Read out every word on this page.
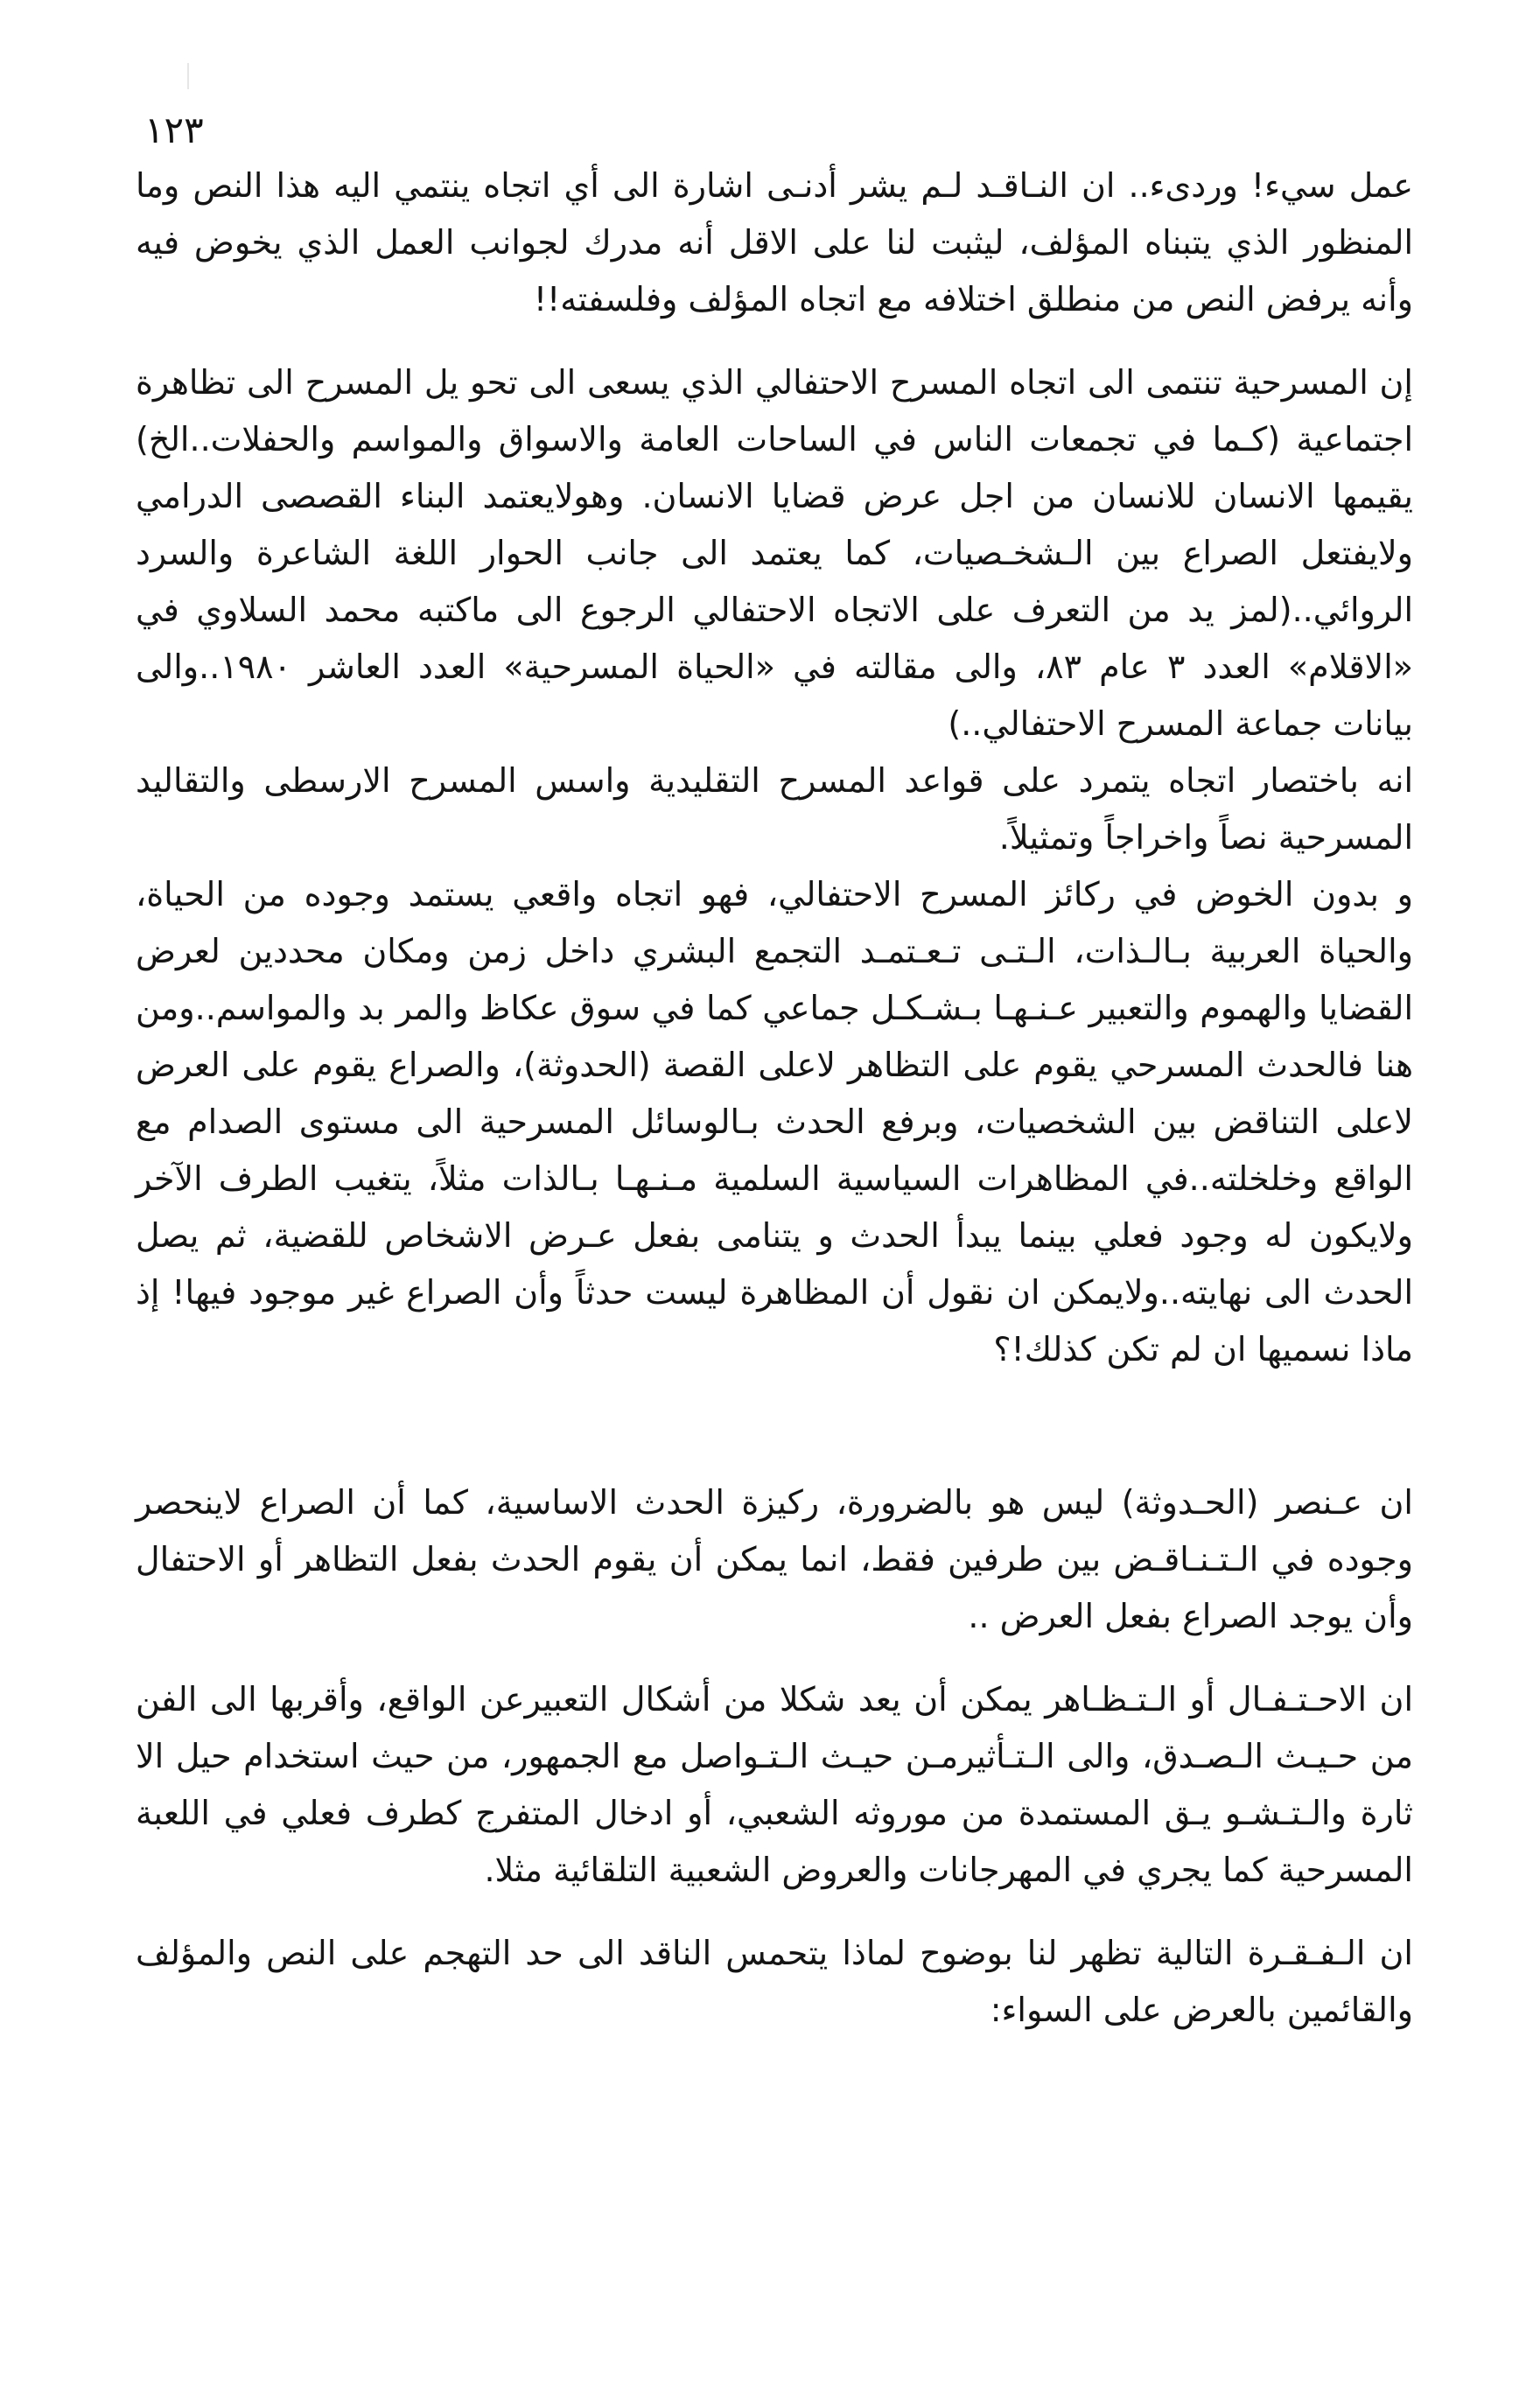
١٢٣

عمل سيء! وردىء.. ان النـاقـد لـم يشر أدنـى اشارة الى أي اتجاه ينتمي اليه هذا النص وما المنظور الذي يتبناه المؤلف، ليثبت لنا على الاقل أنه مدرك لجوانب العمل الذي يخوض فيه وأنه يرفض النص من منطلق اختلافه مع اتجاه المؤلف وفلسفته!!

إن المسرحية تنتمى الى اتجاه المسرح الاحتفالي الذي يسعى الى تحو يل المسرح الى تظاهرة اجتماعية (كـما في تجمعات الناس في الساحات العامة والاسواق والمواسم والحفلات..الخ) يقيمها الانسان للانسان من اجل عرض قضايا الانسان. وهولايعتمد البناء القصصى الدرامي ولايفتعل الصراع بين الـشخـصيات، كما يعتمد الى جانب الحوار اللغة الشاعرة والسرد الروائي..(لمز يد من التعرف على الاتجاه الاحتفالي الرجوع الى ماكتبه محمد السلاوي في «الاقلام» العدد ٣ عام ٨٣، والى مقالته في «الحياة المسرحية» العدد العاشر ١٩٨٠..والى بيانات جماعة المسرح الاحتفالي..)

انه باختصار اتجاه يتمرد على قواعد المسرح التقليدية واسس المسرح الارسطى والتقاليد المسرحية نصاً واخراجاً وتمثيلاً.

و بدون الخوض في ركائز المسرح الاحتفالي، فهو اتجاه واقعي يستمد وجوده من الحياة، والحياة العربية بـالـذات، الـتـى تـعـتمـد التجمع البشري داخل زمن ومكان محددين لعرض القضايا والهموم والتعبير عـنـهـا بـشـكـل جماعي كما في سوق عكاظ والمر بد والمواسم..ومن هنا فالحدث المسرحي يقوم على التظاهر لاعلى القصة (الحدوثة)، والصراع يقوم على العرض لاعلى التناقض بين الشخصيات، وبرفع الحدث بـالوسائل المسرحية الى مستوى الصدام مع الواقع وخلخلته..في المظاهرات السياسية السلمية مـنـهـا بـالذات مثلاً، يتغيب الطرف الآخر ولايكون له وجود فعلي بينما يبدأ الحدث و يتنامى بفعل عـرض الاشخاص للقضية، ثم يصل الحدث الى نهايته..ولايمكن ان نقول أن المظاهرة ليست حدثاً وأن الصراع غير موجود فيها! إذ ماذا نسميها ان لم تكن كذلك!؟

ان عـنصر (الحـدوثة) ليس هو بالضرورة، ركيزة الحدث الاساسية، كما أن الصراع لاينحصر وجوده في الـتـنـاقـض بين طرفين فقط، انما يمكن أن يقوم الحدث بفعل التظاهر أو الاحتفال وأن يوجد الصراع بفعل العرض ..

ان الاحـتـفـال أو الـتـظـاهر يمكن أن يعد شكلا من أشكال التعبيرعن الواقع، وأقربها الى الفن من حـيـث الـصـدق، والى الـتـأثيرمـن حيـث الـتـواصل مع الجمهور، من حيث استخدام حيل الا ثارة والـتـشـو يـق المستمدة من موروثه الشعبي، أو ادخال المتفرج كطرف فعلي في اللعبة المسرحية كما يجري في المهرجانات والعروض الشعبية التلقائية مثلا.

ان الـفـقـرة التالية تظهر لنا بوضوح لماذا يتحمس الناقد الى حد التهجم على النص والمؤلف والقائمين بالعرض على السواء:
